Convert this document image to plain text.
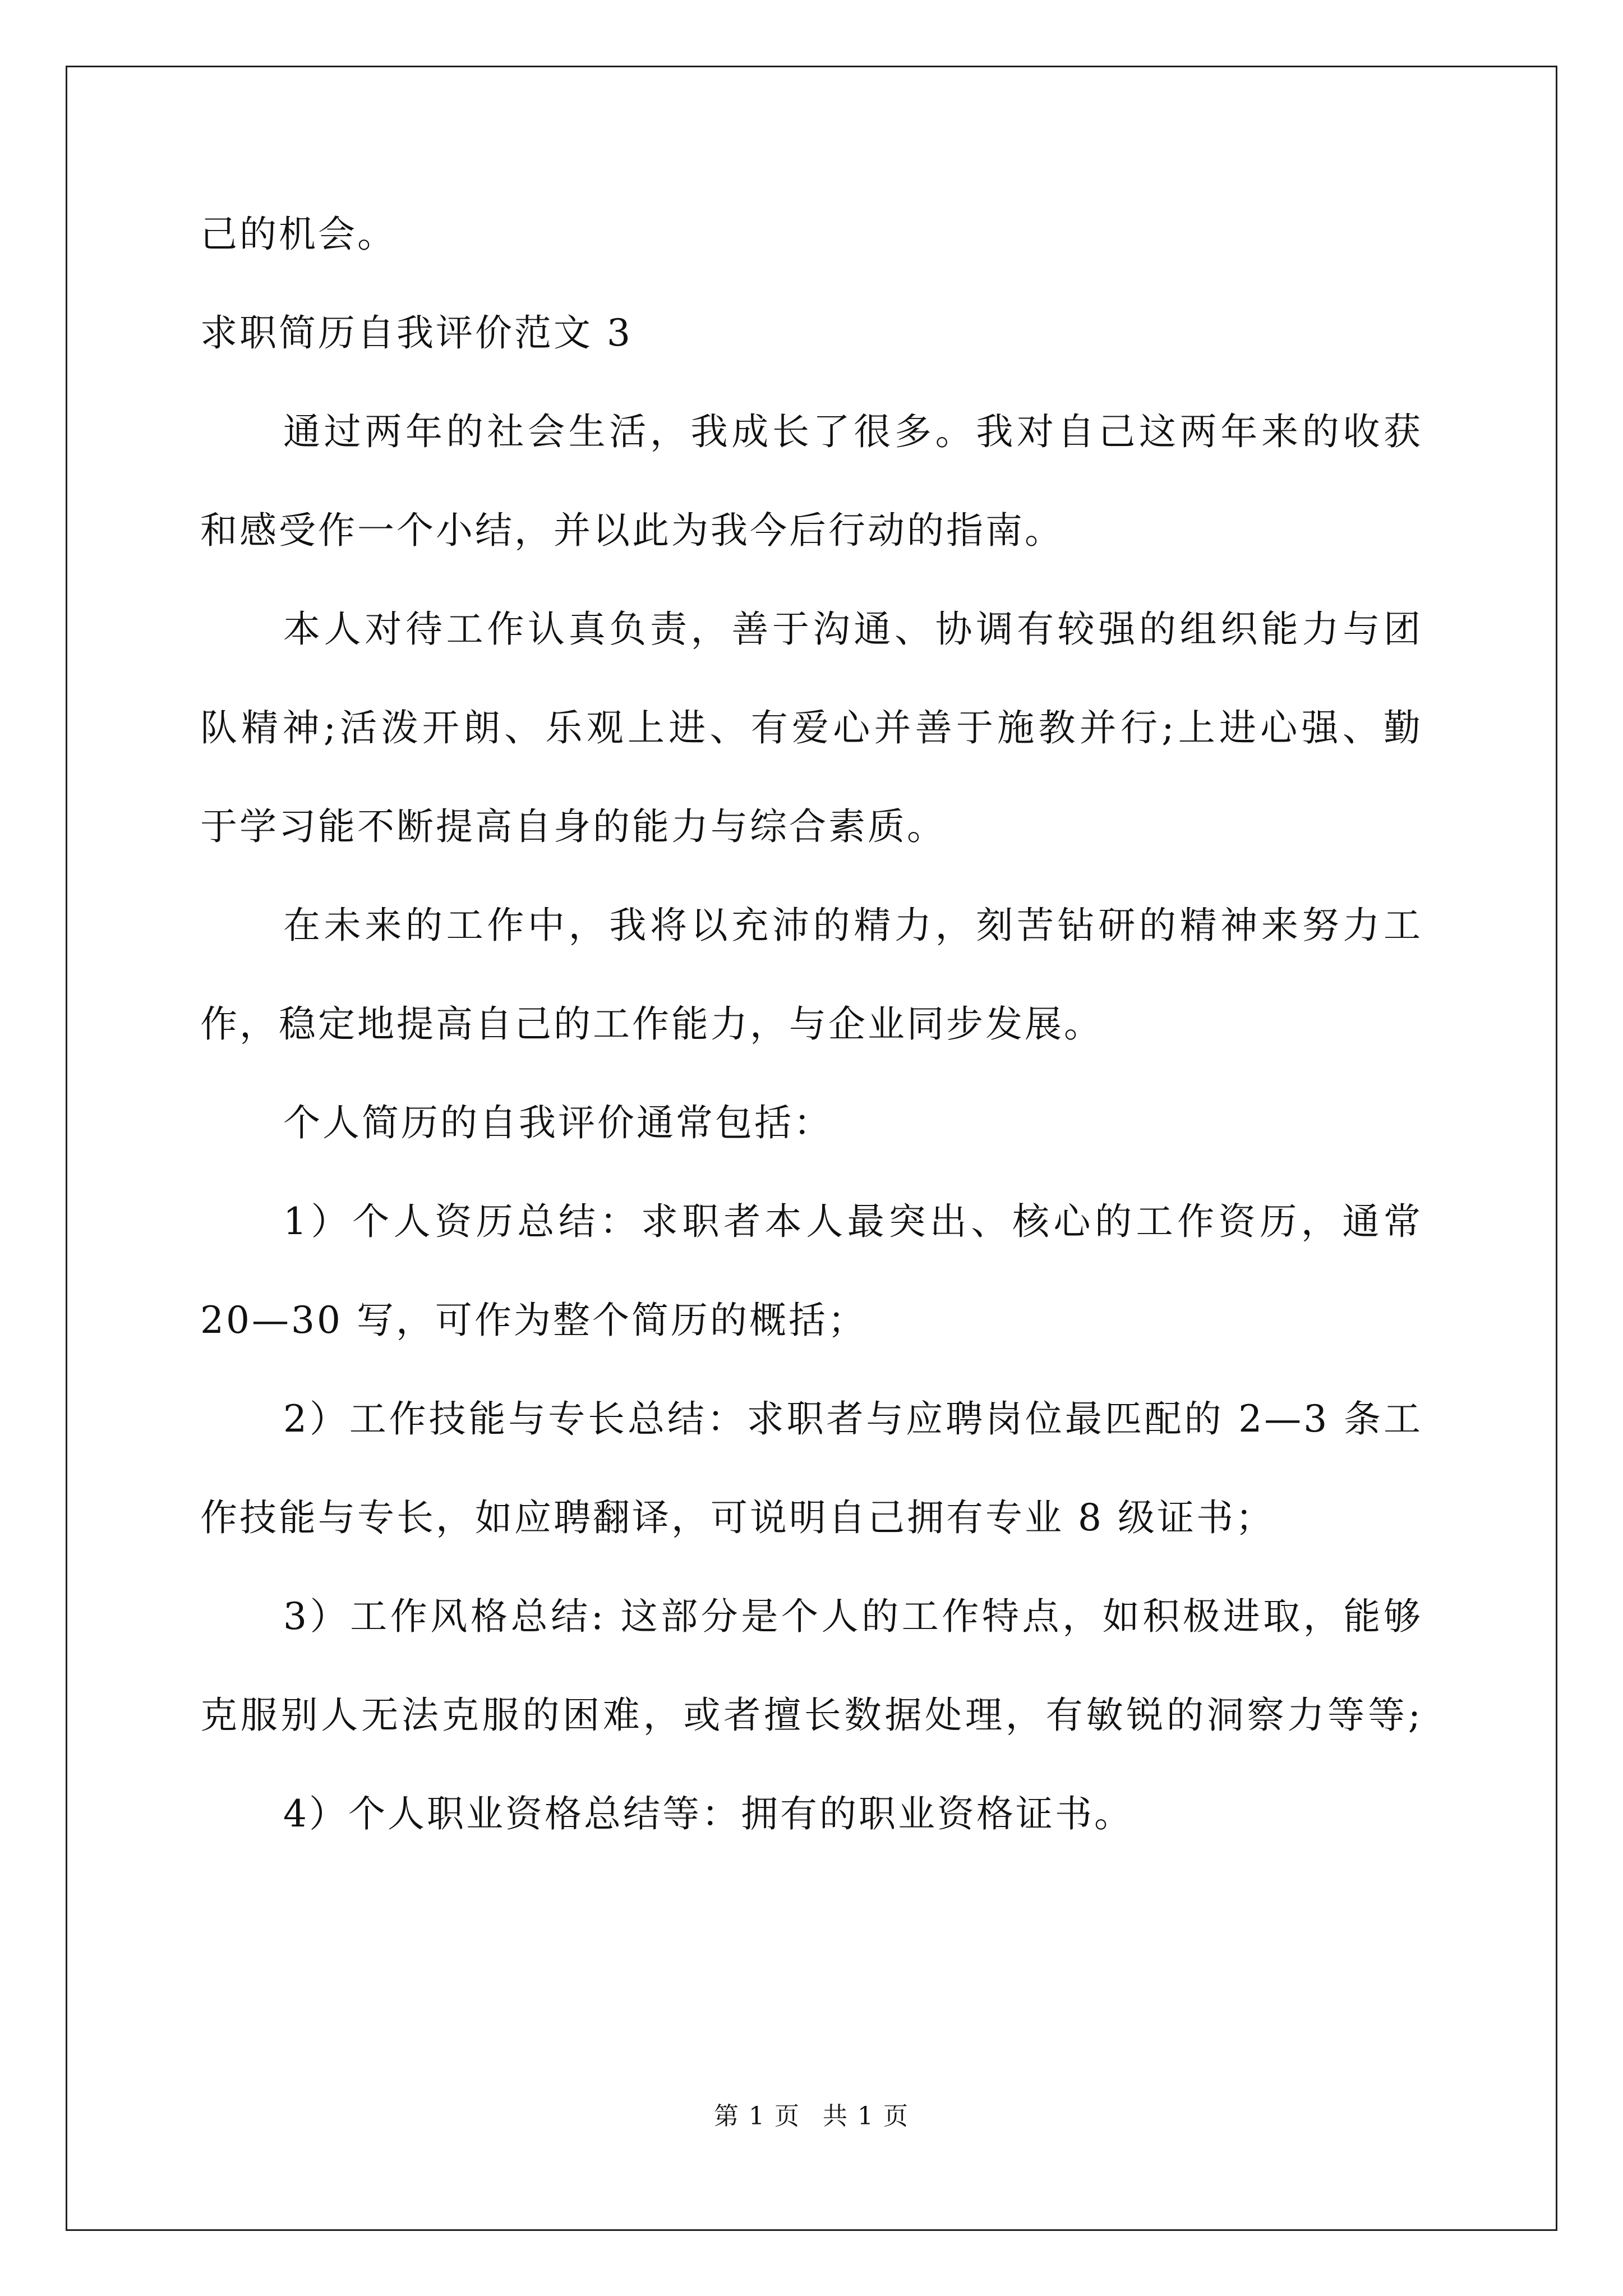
己的机会。
求职简历自我评价范文 3
通过两年的社会生活，我成长了很多。我对自己这两年来的收获
和感受作一个小结，并以此为我今后行动的指南。
本人对待工作认真负责，善于沟通、协调有较强的组织能力与团
队精神;活泼开朗、乐观上进、有爱心并善于施教并行;上进心强、勤
于学习能不断提高自身的能力与综合素质。
在未来的工作中，我将以充沛的精力，刻苦钻研的精神来努力工
作，稳定地提高自己的工作能力，与企业同步发展。
个人简历的自我评价通常包括：
1）个人资历总结：求职者本人最突出、核心的工作资历，通常
20—30 写，可作为整个简历的概括；
2）工作技能与专长总结：求职者与应聘岗位最匹配的 2—3 条工
作技能与专长，如应聘翻译，可说明自己拥有专业 8 级证书；
3）工作风格总结: 这部分是个人的工作特点，如积极进取，能够
克服别人无法克服的困难，或者擅长数据处理，有敏锐的洞察力等等;
4）个人职业资格总结等：拥有的职业资格证书。
第 1 页 共 1 页
